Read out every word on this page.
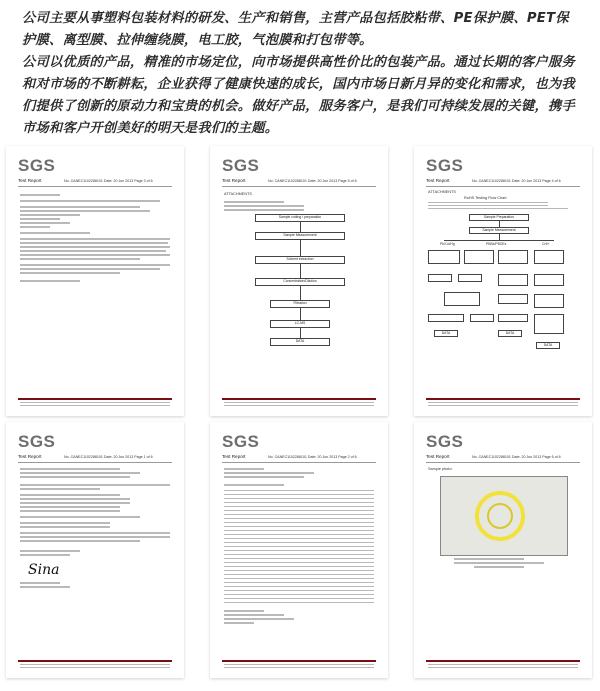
公司主要从事塑料包装材料的研发、生产和销售，主营产品包括胶粘带、PE保护膜、PET保护膜、离型膜、拉伸缠绕膜，电工胶，气泡膜和打包带等。

公司以优质的产品，精准的市场定位，向市场提供高性价比的包装产品。通过长期的客户服务和对市场的不断耕耘，企业获得了健康快速的成长，国内市场日新月异的变化和需求，也为我们提供了创新的原动力和宝贵的机会。做好产品，服务客户，是我们可持续发展的关键，携手市场和客户开创美好的明天是我们的主题。

SGS
Test Report	No. CANEC1102288101 Date: 20 Jun 2013 Page 3 of 6
SGS
Test Report	No. CANEC1102288101 Date: 20 Jun 2013 Page 5 of 6
ATTACHMENTS
Sample cutting / preparation
Sample Measurement
Solvent extraction
Concentration/Dilution
Filtration
LC-MS
DATA
SGS
Test Report	No. CANEC1102288101 Date: 20 Jun 2013 Page 4 of 6
ATTACHMENTS
RoHS Testing Flow Chart
Sample Preparation
Sample Measurement
Pb/Cd/Hg	PBBs/PBDEs	Cr6+
DATA	DATA
DATA
SGS
Test Report	No. CANEC1102288101 Date: 20 Jun 2013 Page 1 of 6
Sina
SGS
Test Report	No. CANEC1102288101 Date: 20 Jun 2013 Page 2 of 6
SGS
Test Report	No. CANEC1102288101 Date: 20 Jun 2013 Page 6 of 6
Sample photo:
